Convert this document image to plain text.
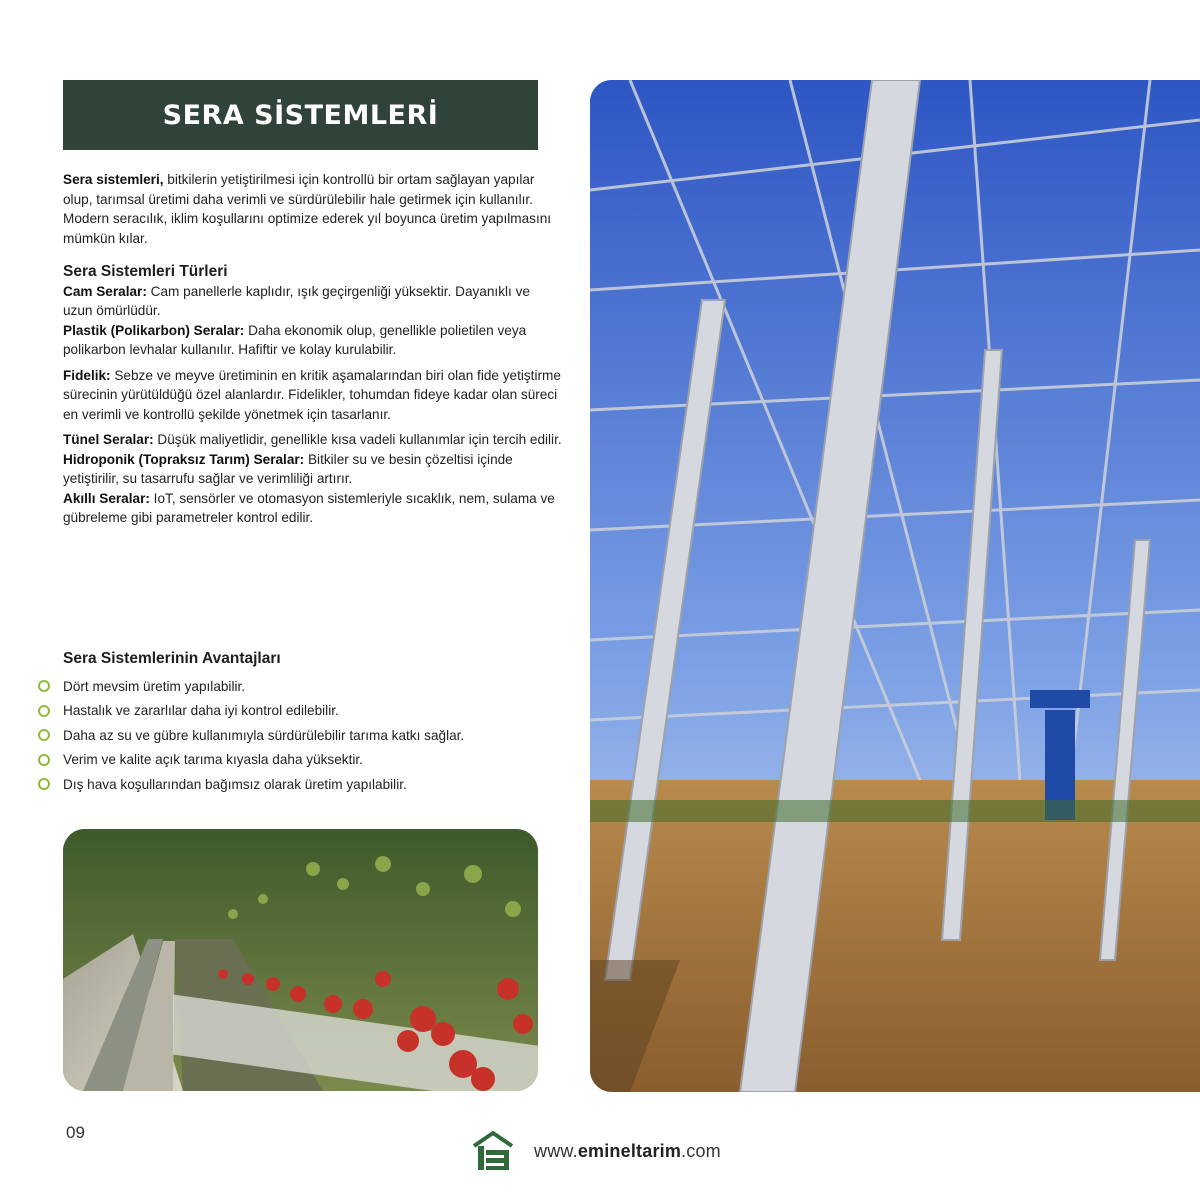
SERA SİSTEMLERİ

Sera sistemleri, bitkilerin yetiştirilmesi için kontrollü bir ortam sağlayan yapılar olup, tarımsal üretimi daha verimli ve sürdürülebilir hale getirmek için kullanılır. Modern seracılık, iklim koşullarını optimize ederek yıl boyunca üretim yapılmasını mümkün kılar.

Sera Sistemleri Türleri

Cam Seralar: Cam panellerle kaplıdır, ışık geçirgenliği yüksektir. Dayanıklı ve uzun ömürlüdür.

Plastik (Polikarbon) Seralar: Daha ekonomik olup, genellikle polietilen veya polikarbon levhalar kullanılır. Hafiftir ve kolay kurulabilir.

Fidelik: Sebze ve meyve üretiminin en kritik aşamalarından biri olan fide yetiştirme sürecinin yürütüldüğü özel alanlardır. Fidelikler, tohumdan fideye kadar olan süreci en verimli ve kontrollü şekilde yönetmek için tasarlanır.

Tünel Seralar: Düşük maliyetlidir, genellikle kısa vadeli kullanımlar için tercih edilir.

Hidroponik (Topraksız Tarım) Seralar: Bitkiler su ve besin çözeltisi içinde yetiştirilir, su tasarrufu sağlar ve verimliliği artırır.

Akıllı Seralar: IoT, sensörler ve otomasyon sistemleriyle sıcaklık, nem, sulama ve gübreleme gibi parametreler kontrol edilir.

Sera Sistemlerinin Avantajları
Dört mevsim üretim yapılabilir.
Hastalık ve zararlılar daha iyi kontrol edilebilir.
Daha az su ve gübre kullanımıyla sürdürülebilir tarıma katkı sağlar.
Verim ve kalite açık tarıma kıyasla daha yüksektir.
Dış hava koşullarından bağımsız olarak üretim yapılabilir.
09
www.emineltarim.com
